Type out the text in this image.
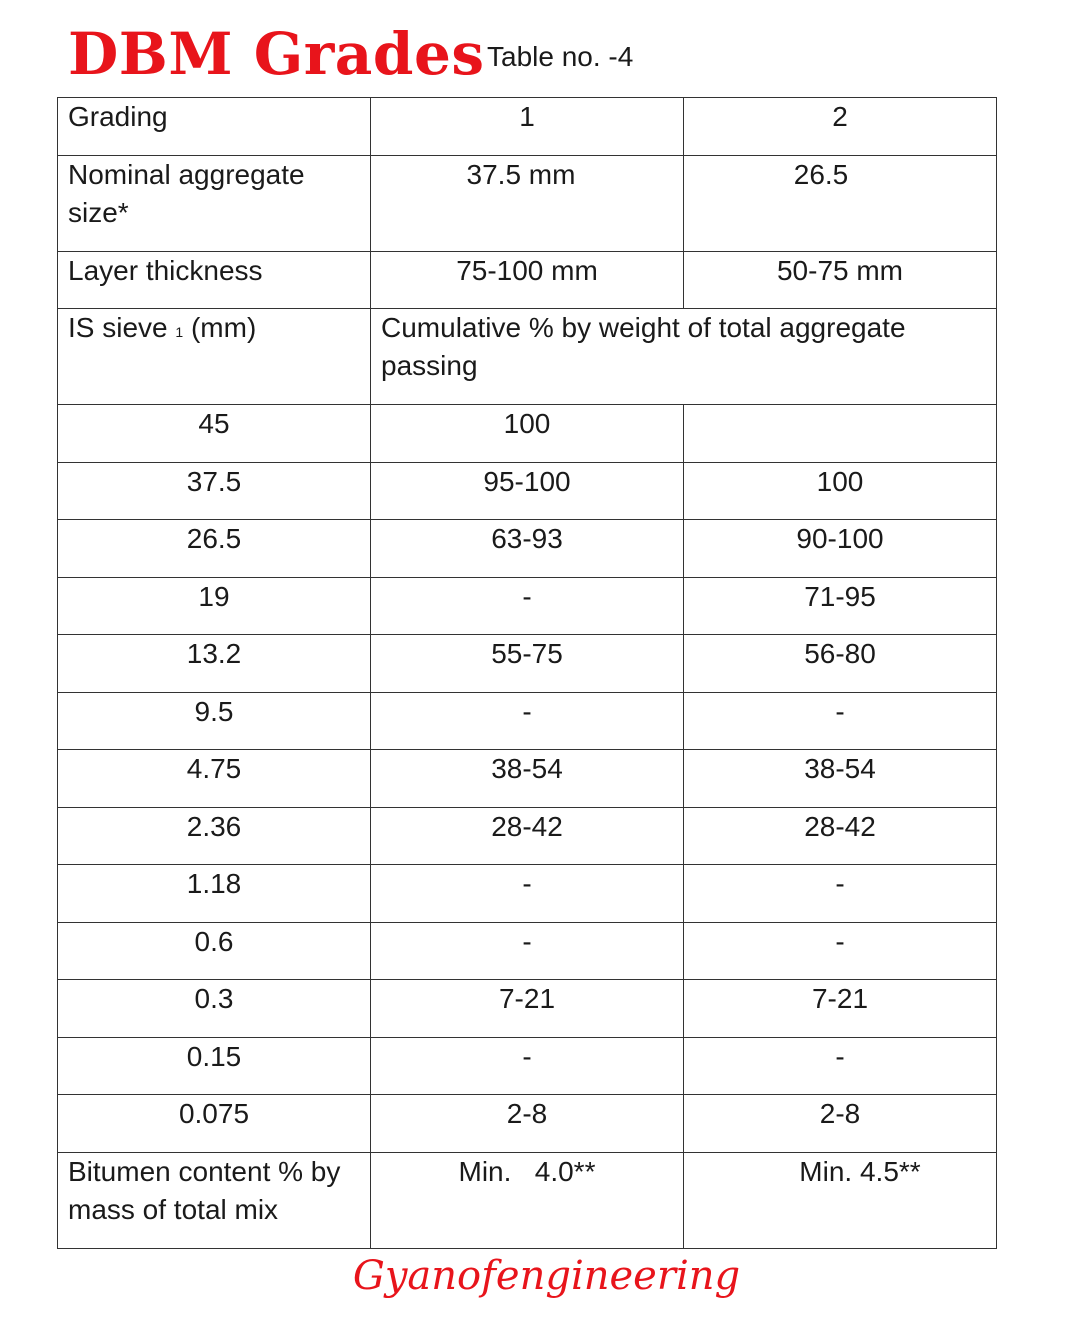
DBM Grades Table no. -4
Grading	1	2

Nominal aggregate
size*	37.5 mm	26.5

Layer thickness	75-100 mm	50-75 mm

IS sieve 1 (mm)	Cumulative % by weight of total aggregate
passing	

45	100	

37.5	95-100	100

26.5	63-93	90-100

19	-	71-95

13.2	55-75	56-80

9.5	-	-

4.75	38-54	38-54

2.36	28-42	28-42

1.18	-	-

0.6	-	-

0.3	7-21	7-21

0.15	-	-

0.075	2-8	2-8

Bitumen content % by
mass of total mix	Min.   4.0**	Min. 4.5**
Gyanofengineering
